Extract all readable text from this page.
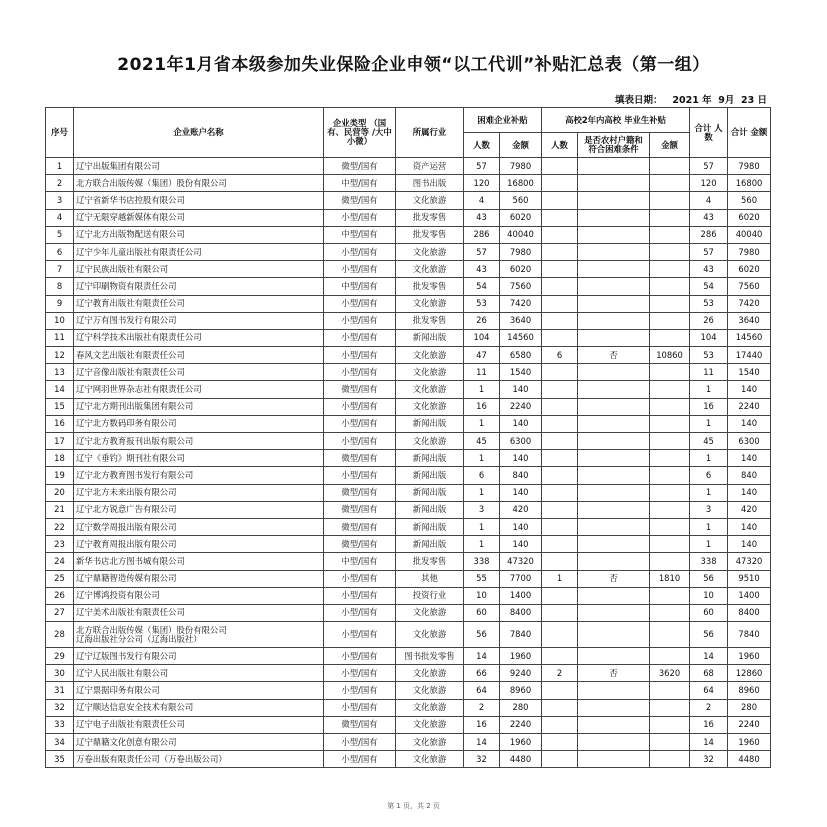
2021年1月省本级参加失业保险企业申领“以工代训”补贴汇总表（第一组）
填表日期：   2021 年  9月  23 日
序号	企业账户名称	企业类型 （国有、民营等 /大中小微）	所属行业	困难企业补贴		高校2年内高校 毕业生补贴			合计 人数	合计 金额
				人数	金额	人数	是否农村户籍和 符合困难条件	金额		
1	辽宁出版集团有限公司	微型/国有	资产运营	57	7980				57	7980
2	北方联合出版传媒（集团）股份有限公司	中型/国有	图书出版	120	16800				120	16800
3	辽宁省新华书店控股有限公司	微型/国有	文化旅游	4	560				4	560
4	辽宁无限穿越新媒体有限公司	小型/国有	批发零售	43	6020				43	6020
5	辽宁北方出版物配送有限公司	中型/国有	批发零售	286	40040				286	40040
6	辽宁少年儿童出版社有限责任公司	小型/国有	文化旅游	57	7980				57	7980
7	辽宁民族出版社有限公司	小型/国有	文化旅游	43	6020				43	6020
8	辽宁印刷物资有限责任公司	中型/国有	批发零售	54	7560				54	7560
9	辽宁教育出版社有限责任公司	小型/国有	文化旅游	53	7420				53	7420
10	辽宁万有图书发行有限公司	小型/国有	批发零售	26	3640				26	3640
11	辽宁科学技术出版社有限责任公司	小型/国有	新闻出版	104	14560				104	14560
12	春风文艺出版社有限责任公司	小型/国有	文化旅游	47	6580	6	否	10860	53	17440
13	辽宁音像出版社有限责任公司	小型/国有	文化旅游	11	1540				11	1540
14	辽宁网羽世界杂志社有限责任公司	微型/国有	文化旅游	1	140				1	140
15	辽宁北方期刊出版集团有限公司	小型/国有	文化旅游	16	2240				16	2240
16	辽宁北方数码印务有限公司	小型/国有	新闻出版	1	140				1	140
17	辽宁北方教育报刊出版有限公司	小型/国有	文化旅游	45	6300				45	6300
18	辽宁《垂钓》期刊社有限公司	微型/国有	新闻出版	1	140				1	140
19	辽宁北方教育图书发行有限公司	小型/国有	新闻出版	6	840				6	840
20	辽宁北方未来出版有限公司	微型/国有	新闻出版	1	140				1	140
21	辽宁北方锐意广告有限公司	微型/国有	新闻出版	3	420				3	420
22	辽宁数学周报出版有限公司	微型/国有	新闻出版	1	140				1	140
23	辽宁教育周报出版有限公司	微型/国有	新闻出版	1	140				1	140
24	新华书店北方图书城有限公司	中型/国有	批发零售	338	47320				338	47320
25	辽宁鼎籍智造传媒有限公司	小型/国有	其他	55	7700	1	否	1810	56	9510
26	辽宁博鸿投资有限公司	小型/国有	投资行业	10	1400				10	1400
27	辽宁美术出版社有限责任公司	小型/国有	文化旅游	60	8400				60	8400
28	北方联合出版传媒（集团）股份有限公司
辽海出版社分公司（辽海出版社）	小型/国有	文化旅游	56	7840				56	7840
29	辽宁辽版图书发行有限公司	小型/国有	图书批发零售	14	1960				14	1960
30	辽宁人民出版社有限公司	小型/国有	文化旅游	66	9240	2	否	3620	68	12860
31	辽宁票据印务有限公司	小型/国有	文化旅游	64	8960				64	8960
32	辽宁顺达信息安全技术有限公司	小型/国有	文化旅游	2	280				2	280
33	辽宁电子出版社有限责任公司	微型/国有	文化旅游	16	2240				16	2240
34	辽宁鼎籍文化创意有限公司	小型/国有	文化旅游	14	1960				14	1960
35	万卷出版有限责任公司（万卷出版公司）	小型/国有	文化旅游	32	4480				32	4480
第 1 页，共 2 页
